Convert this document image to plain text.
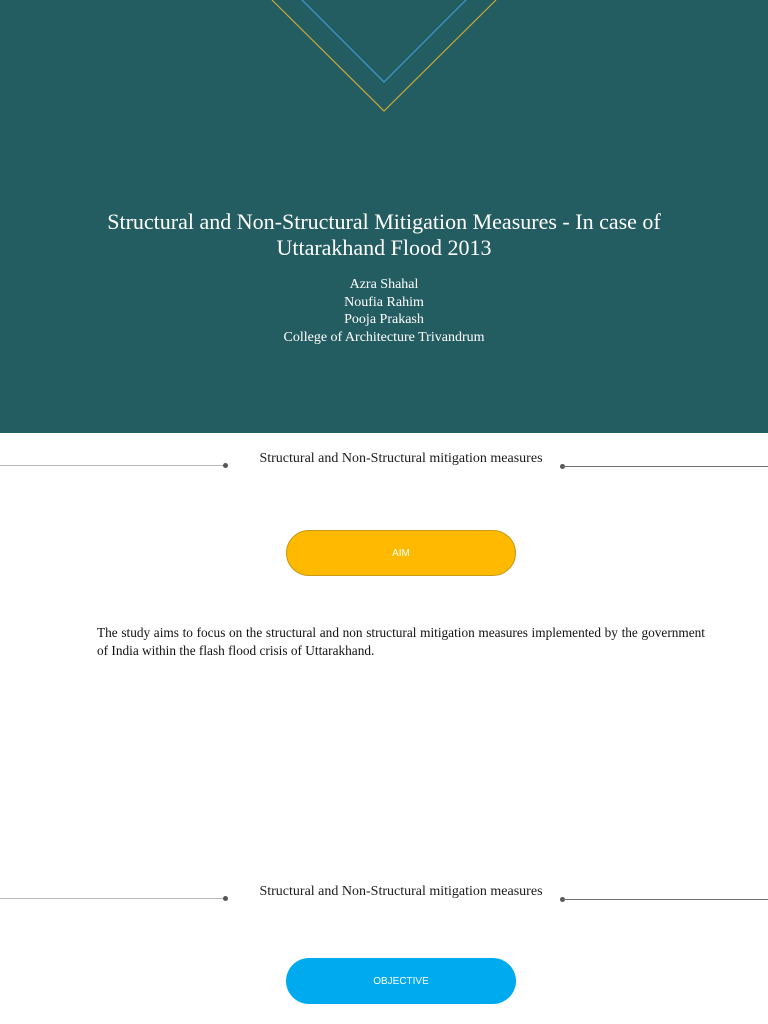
Structural and Non-Structural Mitigation Measures - In case of Uttarakhand Flood 2013
Azra Shahal
Noufia Rahim
Pooja Prakash
College of Architecture Trivandrum
Structural and Non-Structural mitigation measures
AIM
The study aims to focus on the structural and non structural mitigation measures implemented by the government of India within the flash flood crisis of Uttarakhand.
Structural and Non-Structural mitigation measures
OBJECTIVE
